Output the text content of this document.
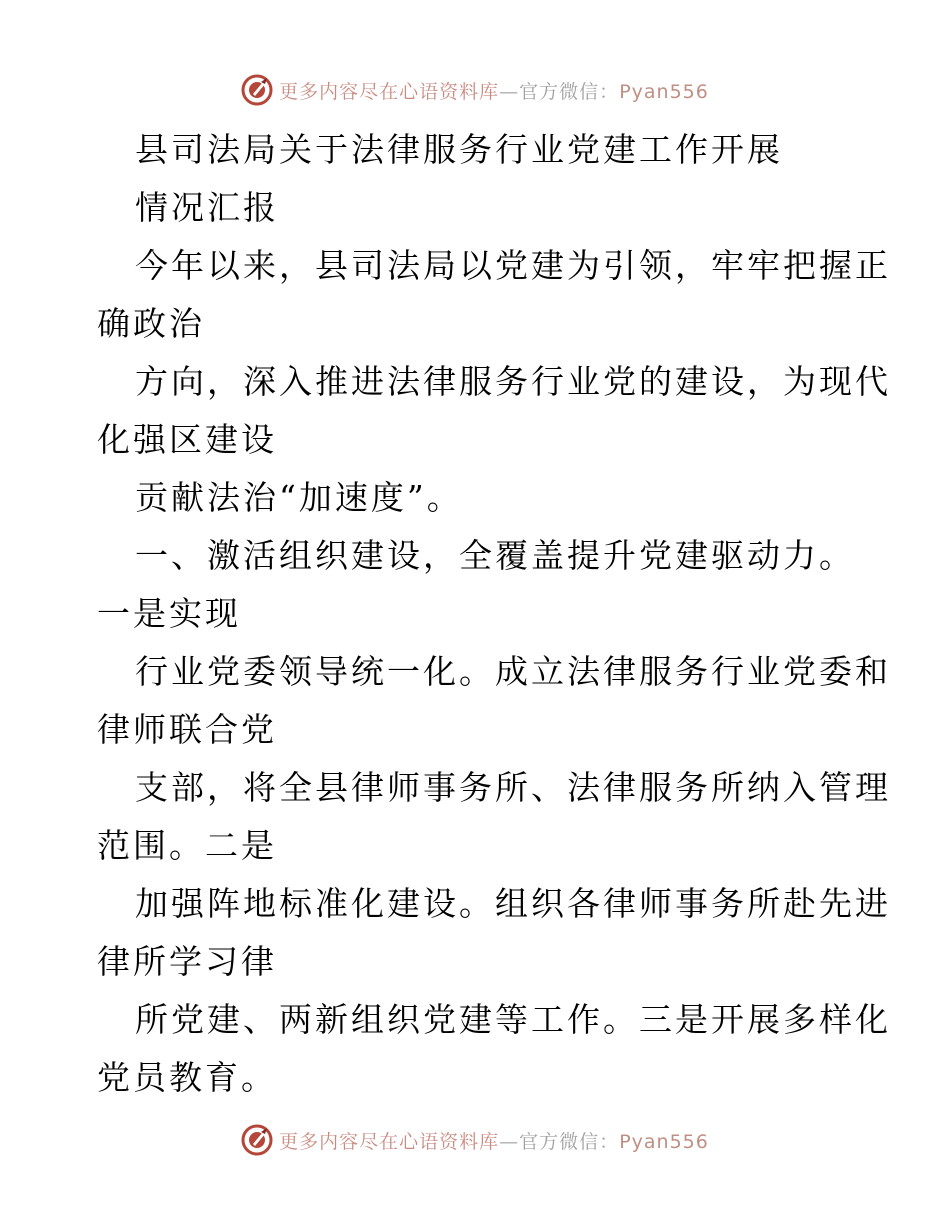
更多内容尽在心语资料库—官方微信：Pyan556
县司法局关于法律服务行业党建工作开展
情况汇报
今年以来，县司法局以党建为引领，牢牢把握正
确政治
方向，深入推进法律服务行业党的建设，为现代
化强区建设
贡献法治“加速度”。
一、激活组织建设，全覆盖提升党建驱动力。
一是实现
行业党委领导统一化。成立法律服务行业党委和
律师联合党
支部，将全县律师事务所、法律服务所纳入管理
范围。二是
加强阵地标准化建设。组织各律师事务所赴先进
律所学习律
所党建、两新组织党建等工作。三是开展多样化
党员教育。
更多内容尽在心语资料库—官方微信：Pyan556
